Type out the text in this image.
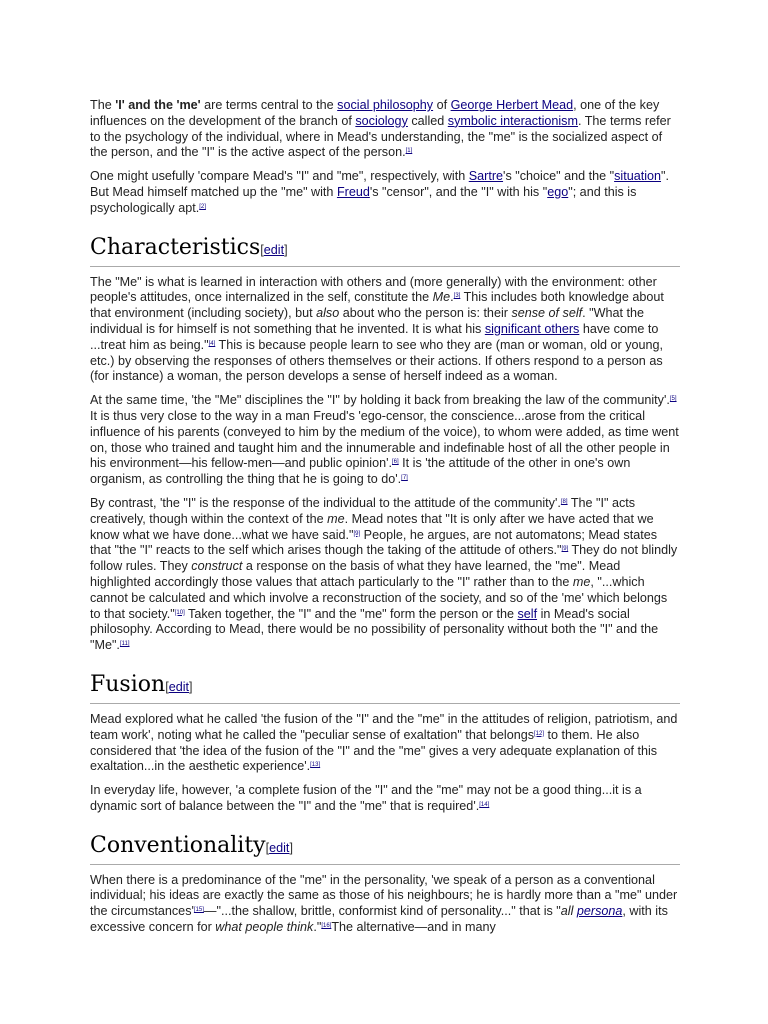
The 'I' and the 'me' are terms central to the social philosophy of George Herbert Mead, one of the key influences on the development of the branch of sociology called symbolic interactionism. The terms refer to the psychology of the individual, where in Mead's understanding, the "me" is the socialized aspect of the person, and the "I" is the active aspect of the person.[1]

One might usefully 'compare Mead's "I" and "me", respectively, with Sartre's "choice" and the "situation". But Mead himself matched up the "me" with Freud's "censor", and the "I" with his "ego"; and this is psychologically apt.[2]

Characteristics[edit]

The "Me" is what is learned in interaction with others and (more generally) with the environment: other people's attitudes, once internalized in the self, constitute the Me.[3] This includes both knowledge about that environment (including society), but also about who the person is: their sense of self. "What the individual is for himself is not something that he invented. It is what his significant others have come to ...treat him as being."[4] This is because people learn to see who they are (man or woman, old or young, etc.) by observing the responses of others themselves or their actions. If others respond to a person as (for instance) a woman, the person develops a sense of herself indeed as a woman.

At the same time, 'the "Me" disciplines the "I" by holding it back from breaking the law of the community'.[5] It is thus very close to the way in a man Freud's 'ego-censor, the conscience...arose from the critical influence of his parents (conveyed to him by the medium of the voice), to whom were added, as time went on, those who trained and taught him and the innumerable and indefinable host of all the other people in his environment—his fellow-men—and public opinion'.[6] It is 'the attitude of the other in one's own organism, as controlling the thing that he is going to do'.[7]

By contrast, 'the "I" is the response of the individual to the attitude of the community'.[8] The "I" acts creatively, though within the context of the me. Mead notes that "It is only after we have acted that we know what we have done...what we have said."[9] People, he argues, are not automatons; Mead states that "the "I" reacts to the self which arises though the taking of the attitude of others."[9] They do not blindly follow rules. They construct a response on the basis of what they have learned, the "me". Mead highlighted accordingly those values that attach particularly to the "I" rather than to the me, "...which cannot be calculated and which involve a reconstruction of the society, and so of the 'me' which belongs to that society."[10] Taken together, the "I" and the "me" form the person or the self in Mead's social philosophy. According to Mead, there would be no possibility of personality without both the "I" and the "Me".[11]

Fusion[edit]

Mead explored what he called 'the fusion of the "I" and the "me" in the attitudes of religion, patriotism, and team work', noting what he called the "peculiar sense of exaltation" that belongs[12] to them. He also considered that 'the idea of the fusion of the "I" and the "me" gives a very adequate explanation of this exaltation...in the aesthetic experience'.[13]

In everyday life, however, 'a complete fusion of the "I" and the "me" may not be a good thing...it is a dynamic sort of balance between the "I" and the "me" that is required'.[14]

Conventionality[edit]

When there is a predominance of the "me" in the personality, 'we speak of a person as a conventional individual; his ideas are exactly the same as those of his neighbours; he is hardly more than a "me" under the circumstances'[15]—"...the shallow, brittle, conformist kind of personality..." that is "all persona, with its excessive concern for what people think."[16]The alternative—and in many
